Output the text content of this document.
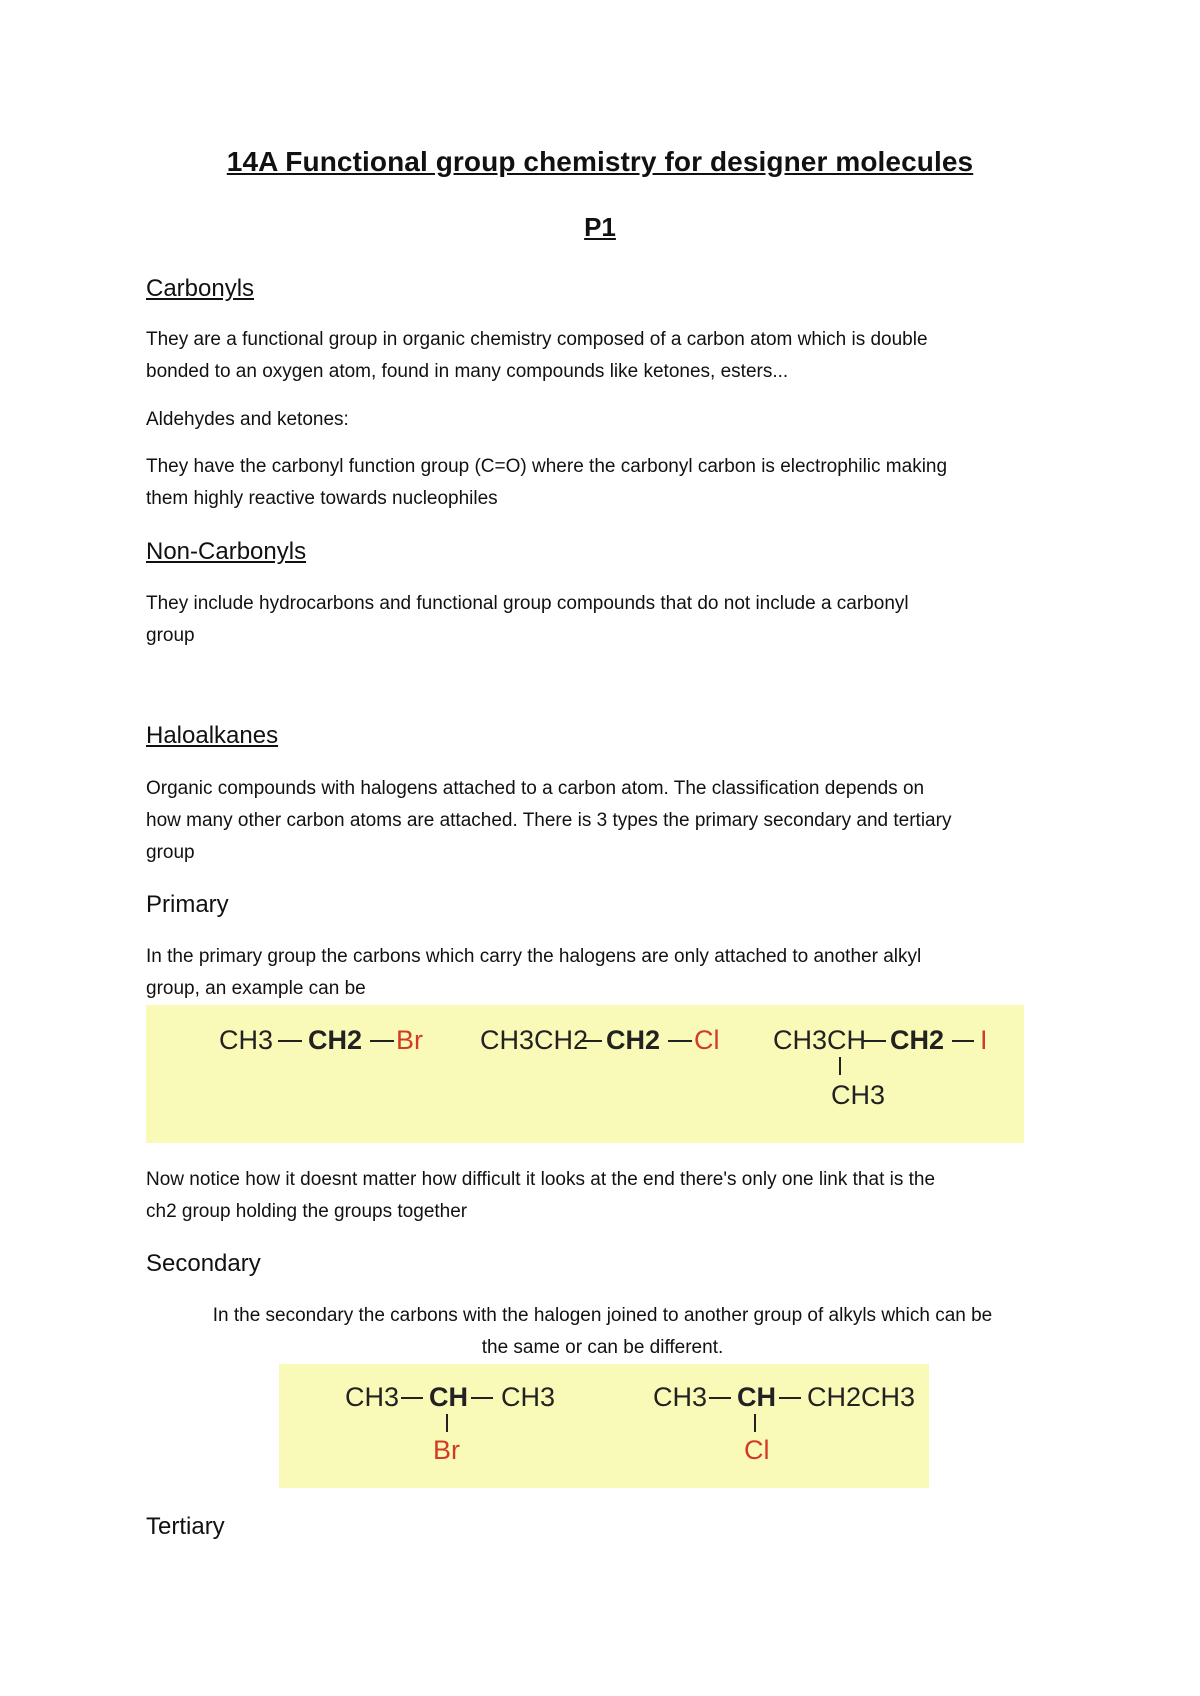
14A Functional group chemistry for designer molecules
P1
Carbonyls
They are a functional group in organic chemistry composed of a carbon atom which is double
bonded to an oxygen atom, found in many compounds like ketones, esters...
Aldehydes and ketones:
They have the carbonyl function group (C=O) where the carbonyl carbon is electrophilic making
them highly reactive towards nucleophiles
Non-Carbonyls
They include hydrocarbons and functional group compounds that do not include a carbonyl
group
Haloalkanes
Organic compounds with halogens attached to a carbon atom. The classification depends on
how many other carbon atoms are attached. There is 3 types the primary secondary and tertiary
group
Primary
In the primary group the carbons which carry the halogens are only attached to another alkyl
group, an example can be
CH3 CH2 Br CH3CH2 CH2 Cl CH3CH CH2 I
CH3
Now notice how it doesnt matter how difficult it looks at the end there's only one link that is the
ch2 group holding the groups together
Secondary
In the secondary the carbons with the halogen joined to another group of alkyls which can be
the same or can be different.
CH3 CH CH3
Br
CH3 CH CH2CH3
Cl
Tertiary
